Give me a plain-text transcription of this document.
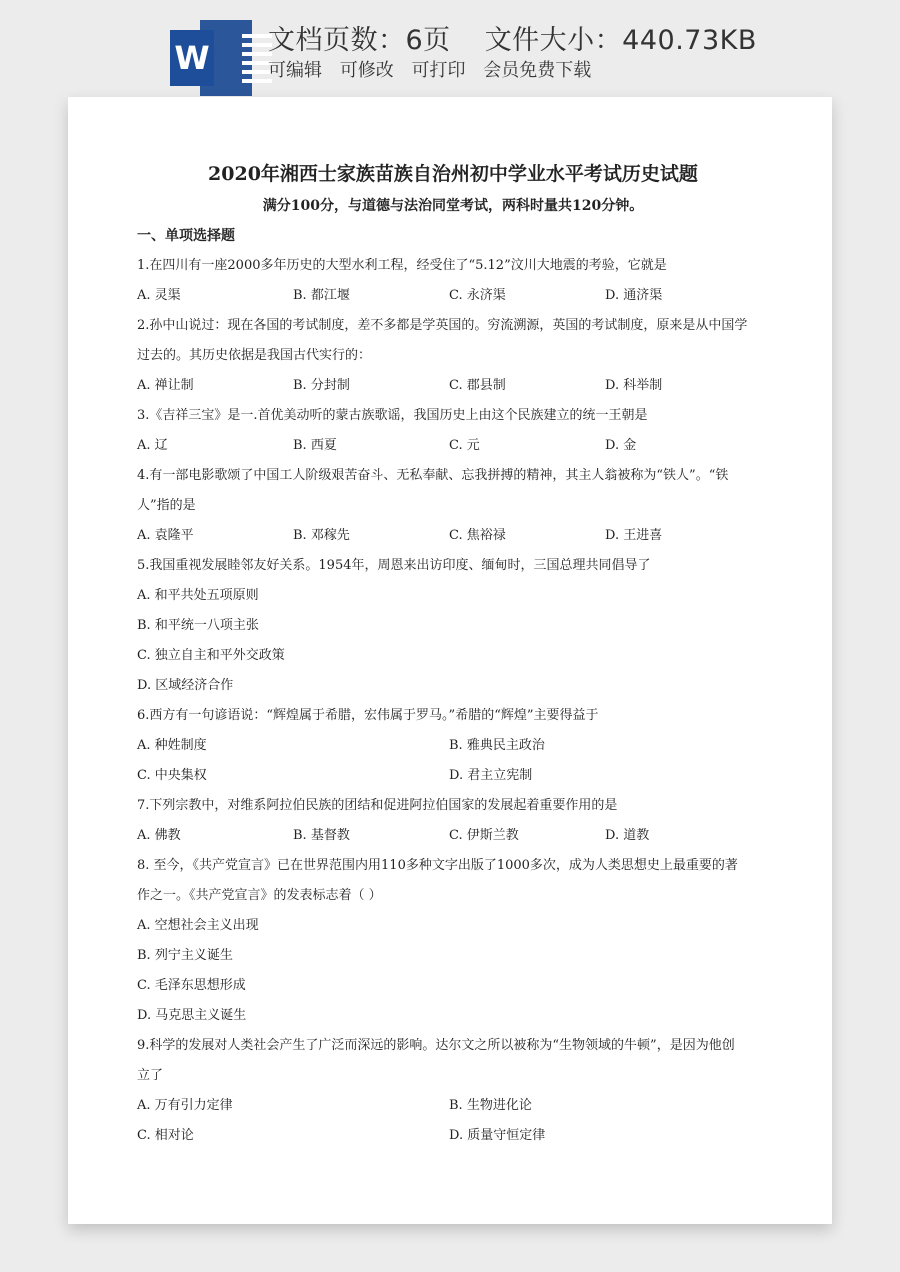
W 文档页数：6页 文件大小：440.73KB
可编辑 可修改 可打印 会员免费下载
2020年湘西士家族苗族自治州初中学业水平考试历史试题
满分100分，与道德与法治同堂考试，两科时量共120分钟。
一、单项选择题
1.在四川有一座2000多年历史的大型水利工程，经受住了“5.12”汶川大地震的考验，它就是
A. 灵渠	B. 都江堰	C. 永济渠	D. 通济渠
2.孙中山说过：现在各国的考试制度，差不多都是学英国的。穷流溯源，英国的考试制度，原来是从中国学
过去的。其历史依据是我国古代实行的：
A. 禅让制	B. 分封制	C. 郡县制	D. 科举制
3.《吉祥三宝》是一.首优美动听的蒙古族歌谣，我国历史上由这个民族建立的统一王朝是
A. 辽	B. 西夏	C. 元	D. 金
4.有一部电影歌颂了中国工人阶级艰苦奋斗、无私奉献、忘我拼搏的精神，其主人翁被称为“铁人”。“铁
人”指的是
A. 袁隆平	B. 邓稼先	C. 焦裕禄	D. 王进喜
5.我国重视发展睦邻友好关系。1954年，周恩来出访印度、缅甸时，三国总理共同倡导了
A. 和平共处五项原则
B. 和平统一八项主张
C. 独立自主和平外交政策
D. 区域经济合作
6.西方有一句谚语说：“辉煌属于希腊，宏伟属于罗马。”希腊的“辉煌”主要得益于
A. 种姓制度	B. 雅典民主政治
C. 中央集权	D. 君主立宪制
7.下列宗教中，对维系阿拉伯民族的团结和促进阿拉伯国家的发展起着重要作用的是
A. 佛教	B. 基督教	C. 伊斯兰教	D. 道教
8. 至今，《共产党宣言》已在世界范围内用110多种文字出版了1000多次，成为人类思想史上最重要的著
作之一。《共产党宣言》的发表标志着（ ）
A. 空想社会主义出现
B. 列宁主义诞生
C. 毛泽东思想形成
D. 马克思主义诞生
9.科学的发展对人类社会产生了广泛而深远的影响。达尔文之所以被称为“生物领域的牛顿”，是因为他创
立了
A. 万有引力定律	B. 生物进化论
C. 相对论	D. 质量守恒定律
